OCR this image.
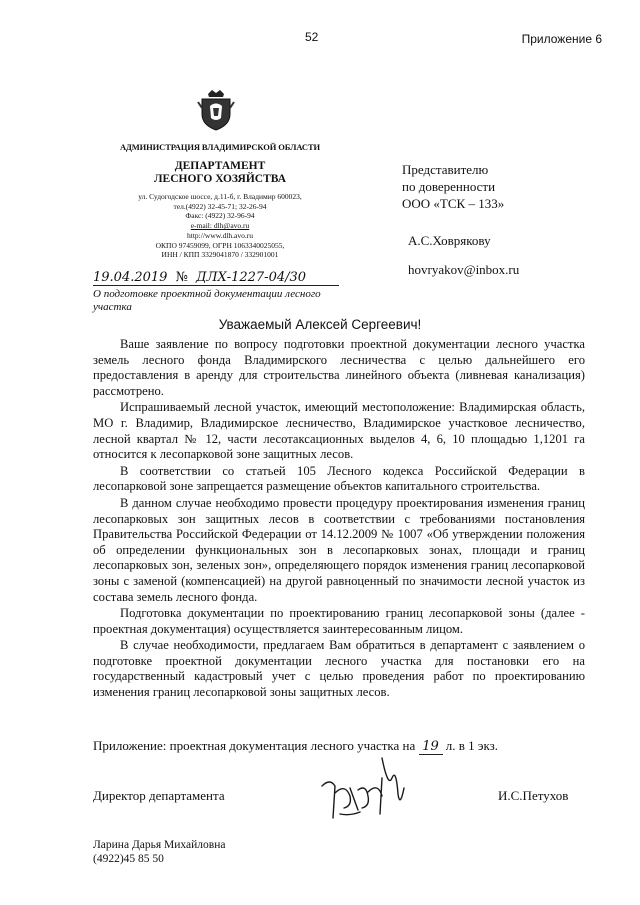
52	Приложение 6
АДМИНИСТРАЦИЯ ВЛАДИМИРСКОЙ ОБЛАСТИ
ДЕПАРТАМЕНТ
ЛЕСНОГО ХОЗЯЙСТВА
ул. Судогодское шоссе, д.11-б, г. Владимир 600023,
тел.(4922) 32-45-71; 32-26-94
Факс: (4922) 32-96-94
e-mail: dlh@avo.ru
http://www.dlh.avo.ru
ОКПО 97459099, ОГРН 1063340025055,
ИНН / КПП 3329041870 / 332901001
Представителю
по доверенности
ООО «ТСК – 133»
А.С.Ховрякову
hovryakov@inbox.ru
19.04.2019 № ДЛХ-1227-04/30
О подготовке проектной документации лесного участка
Уважаемый Алексей Сергеевич!

Ваше заявление по вопросу подготовки проектной документации лесного участка земель лесного фонда Владимирского лесничества с целью дальнейшего его предоставления в аренду для строительства линейного объекта (ливневая канализация) рассмотрено.

Испрашиваемый лесной участок, имеющий местоположение: Владимирская область, МО г. Владимир, Владимирское лесничество, Владимирское участковое лесничество, лесной квартал № 12, части лесотаксационных выделов 4, 6, 10 площадью 1,1201 га относится к лесопарковой зоне защитных лесов.

В соответствии со статьей 105 Лесного кодекса Российской Федерации в лесопарковой зоне запрещается размещение объектов капитального строительства.

В данном случае необходимо провести процедуру проектирования изменения границ лесопарковых зон защитных лесов в соответствии с требованиями постановления Правительства Российской Федерации от 14.12.2009 № 1007 «Об утверждении положения об определении функциональных зон в лесопарковых зонах, площади и границ лесопарковых зон, зеленых зон», определяющего порядок изменения границ лесопарковой зоны с заменой (компенсацией) на другой равноценный по значимости лесной участок из состава земель лесного фонда.

Подготовка документации по проектированию границ лесопарковой зоны (далее - проектная документация) осуществляется заинтересованным лицом.

В случае необходимости, предлагаем Вам обратиться в департамент с заявлением о подготовке проектной документации лесного участка для постановки его на государственный кадастровый учет с целью проведения работ по проектированию изменения границ лесопарковой зоны защитных лесов.

Приложение: проектная документация лесного участка на 19 л. в 1 экз.
Директор департамента	И.С.Петухов
Ларина Дарья Михайловна
(4922)45 85 50
